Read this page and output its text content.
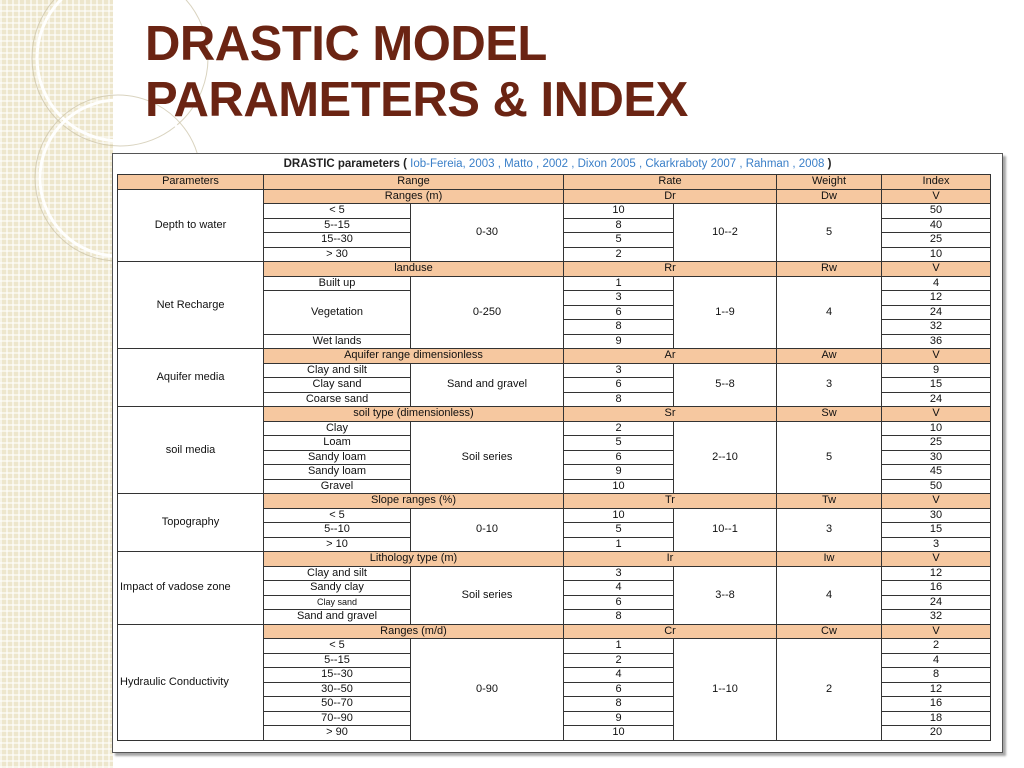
DRASTIC MODEL
PARAMETERS & INDEX
DRASTIC parameters ( Iob-Fereia, 2003 , Matto , 2002 , Dixon 2005 , Ckarkraboty 2007 , Rahman , 2008 )
Parameters	Range		Rate		Weight	Index
Depth to water	Ranges (m)		Dr		Dw	V
	< 5	0-30	10	10--2	5	50
	5--15		8			40
	15--30		5			25
	> 30		2			10
Net Recharge	landuse		Rr		Rw	V
	Built up	0-250	1	1--9	4	4
	Vegetation		3			12
			6			24
			8			32
	Wet lands		9			36
Aquifer media	Aquifer range dimensionless		Ar		Aw	V
	Clay and silt	Sand and gravel	3	5--8	3	9
	Clay sand		6			15
	Coarse sand		8			24
soil media	soil type (dimensionless)		Sr		Sw	V
	Clay	Soil series	2	2--10	5	10
	Loam		5			25
	Sandy loam		6			30
	Sandy loam		9			45
	Gravel		10			50
Topography	Slope ranges (%)		Tr		Tw	V
	< 5	0-10	10	10--1	3	30
	5--10		5			15
	> 10		1			3
Impact of vadose zone	Lithology type (m)		Ir		Iw	V
	Clay and silt	Soil series	3	3--8	4	12
	Sandy clay		4			16
	Clay sand		6			24
	Sand and gravel		8			32
Hydraulic Conductivity	Ranges (m/d)		Cr		Cw	V
	< 5	0-90	1	1--10	2	2
	5--15		2			4
	15--30		4			8
	30--50		6			12
	50--70		8			16
	70--90		9			18
	> 90		10			20
